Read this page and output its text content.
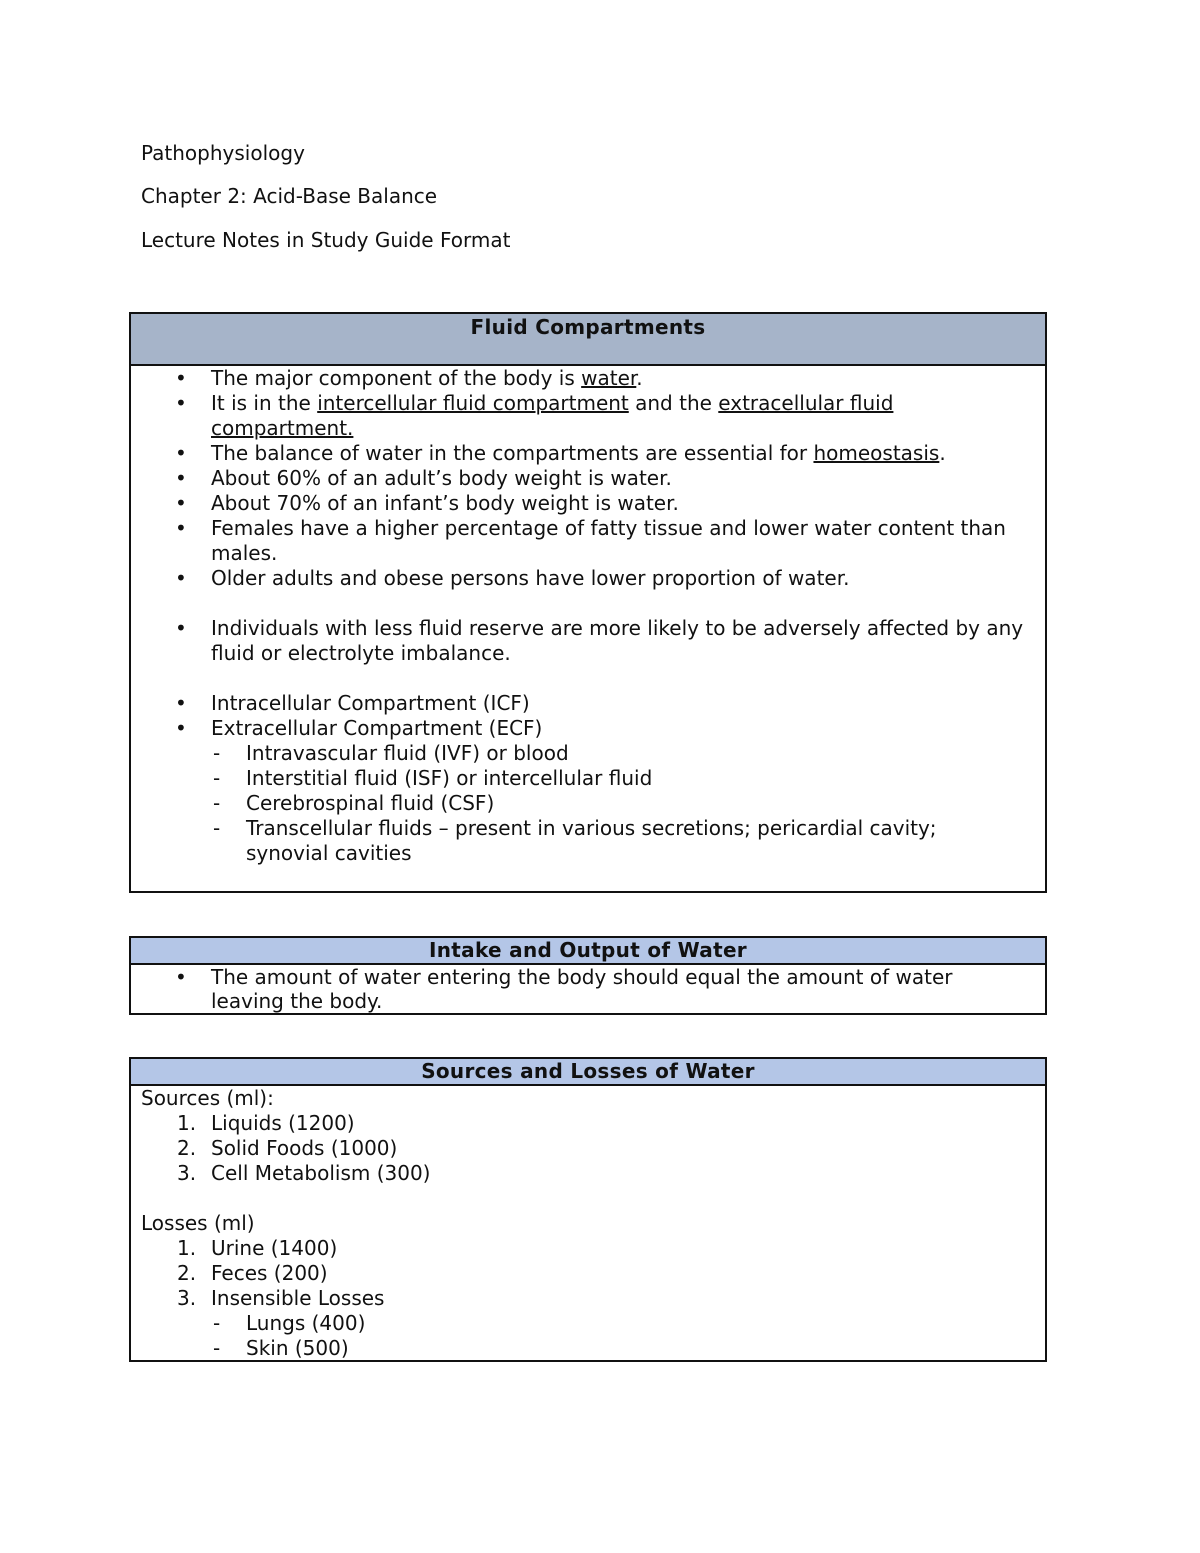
Pathophysiology
Chapter 2: Acid-Base Balance
Lecture Notes in Study Guide Format
Fluid Compartments
• The major component of the body is water.
• It is in the intercellular fluid compartment and the extracellular fluid compartment.
• The balance of water in the compartments are essential for homeostasis.
• About 60% of an adult’s body weight is water.
• About 70% of an infant’s body weight is water.
• Females have a higher percentage of fatty tissue and lower water content than males.
• Older adults and obese persons have lower proportion of water.
• Individuals with less fluid reserve are more likely to be adversely affected by any fluid or electrolyte imbalance.
• Intracellular Compartment (ICF)
• Extracellular Compartment (ECF)
- Intravascular fluid (IVF) or blood
- Interstitial fluid (ISF) or intercellular fluid
- Cerebrospinal fluid (CSF)
- Transcellular fluids – present in various secretions; pericardial cavity; synovial cavities
Intake and Output of Water
• The amount of water entering the body should equal the amount of water leaving the body.
Sources and Losses of Water
Sources (ml):
1. Liquids (1200)
2. Solid Foods (1000)
3. Cell Metabolism (300)
Losses (ml)
1. Urine (1400)
2. Feces (200)
3. Insensible Losses
- Lungs (400)
- Skin (500)
